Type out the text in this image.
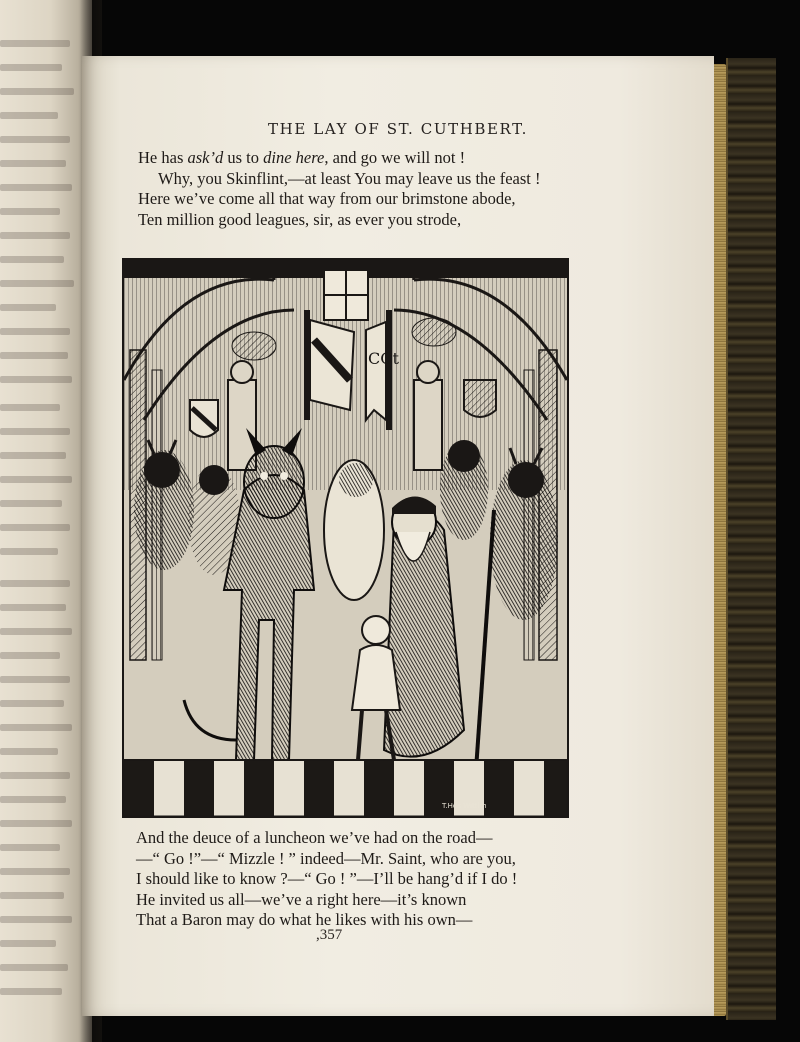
THE LAY OF ST. CUTHBERT.
He has ask’d us to dine here, and go we will not !
Why, you Skinflint,—at least You may leave us the feast !
Here we’ve come all that way from our brimstone abode,
Ten million good leagues, sir, as ever you strode,
CCt
T.Hds Wittlrh
And the deuce of a luncheon we’ve had on the road—
—“ Go !”—“ Mizzle ! ” indeed—Mr. Saint, who are you,
I should like to know ?—“ Go ! ”—I’ll be hang’d if I do !
He invited us all—we’ve a right here—it’s known
That a Baron may do what he likes with his own—
,357
